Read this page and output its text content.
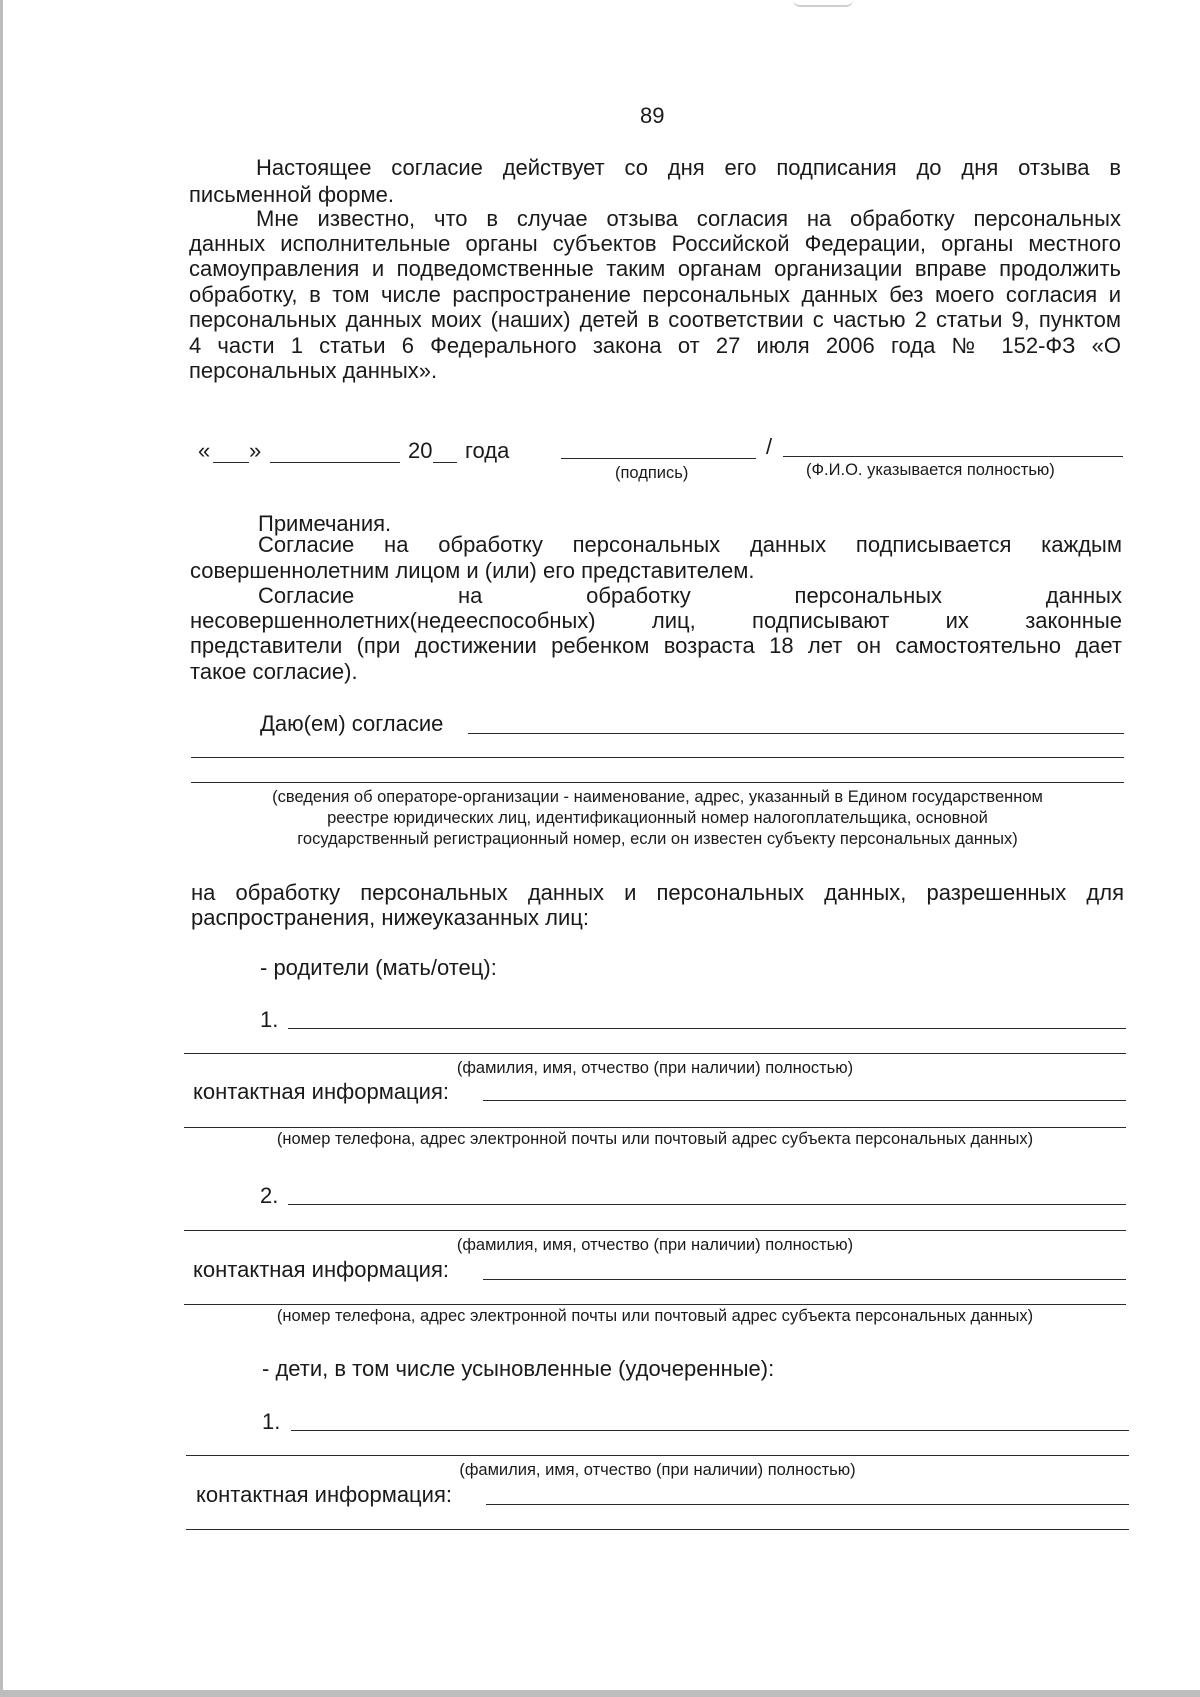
89
Настоящее согласие действует со дня его подписания до дня отзыва в
письменной форме.
Мне известно, что в случае отзыва согласия на обработку персональных
данных исполнительные органы субъектов Российской Федерации, органы местного
самоуправления и подведомственные таким органам организации вправе продолжить
обработку, в том числе распространение персональных данных без моего согласия и
персональных данных моих (наших) детей в соответствии с частью 2 статьи 9, пунктом
4 части 1 статьи 6 Федерального закона от 27 июля 2006 года № 152-ФЗ «О
персональных данных».
« »	20 года	/
(подпись)	(Ф.И.О. указывается полностью)
Примечания.
Согласие на обработку персональных данных подписывается каждым
совершеннолетним лицом и (или) его представителем.
Согласие на обработку персональных данных
несовершеннолетних(недееспособных) лиц, подписывают их законные
представители (при достижении ребенком возраста 18 лет он самостоятельно дает
такое согласие).
Даю(ем) согласие
(сведения об операторе-организации - наименование, адрес, указанный в Едином государственном
реестре юридических лиц, идентификационный номер налогоплательщика, основной
государственный регистрационный номер, если он известен субъекту персональных данных)
на обработку персональных данных и персональных данных, разрешенных для
распространения, нижеуказанных лиц:
- родители (мать/отец):
1.
(фамилия, имя, отчество (при наличии) полностью)
контактная информация:
(номер телефона, адрес электронной почты или почтовый адрес субъекта персональных данных)
2.
(фамилия, имя, отчество (при наличии) полностью)
контактная информация:
(номер телефона, адрес электронной почты или почтовый адрес субъекта персональных данных)
- дети, в том числе усыновленные (удочеренные):
1.
(фамилия, имя, отчество (при наличии) полностью)
контактная информация:
